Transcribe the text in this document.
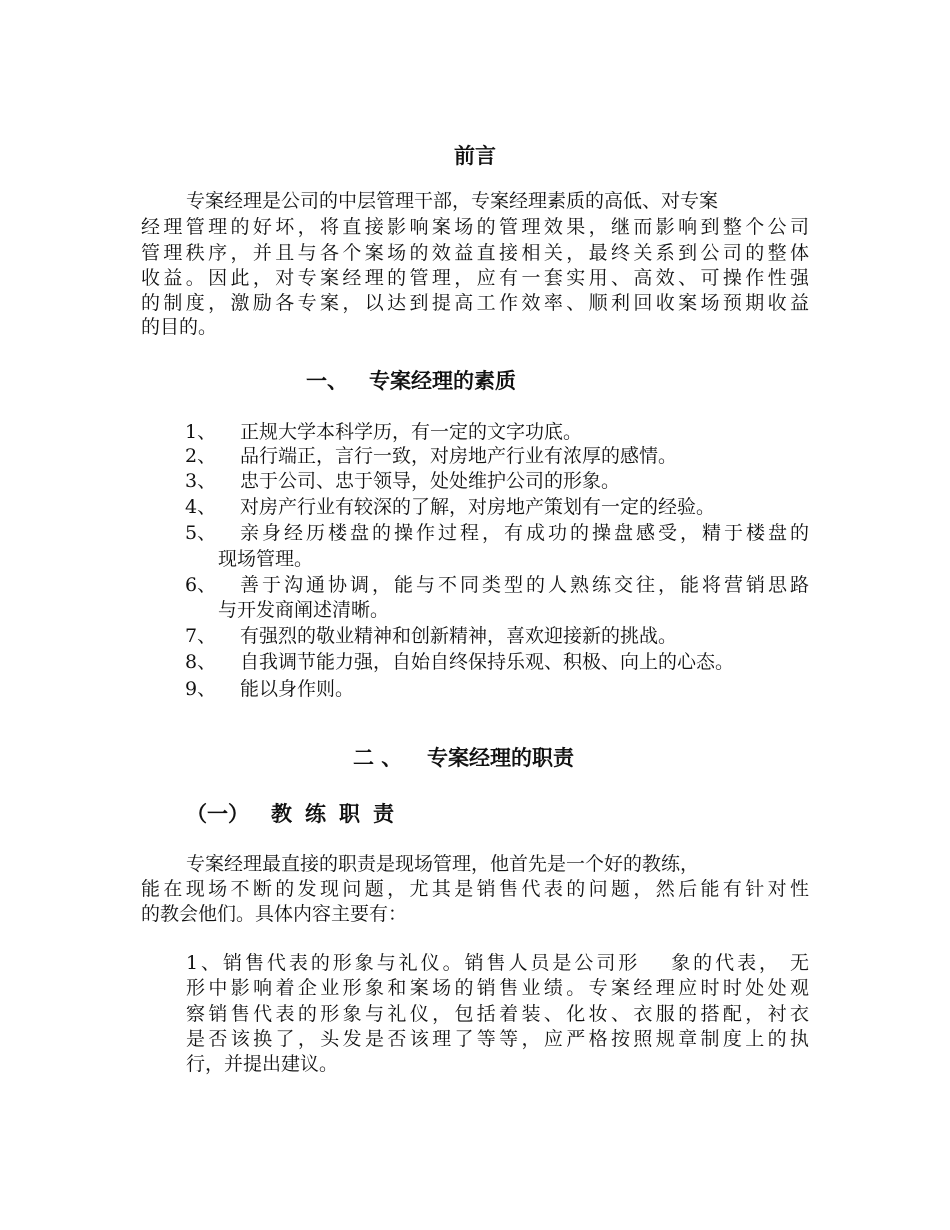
前言
专案经理是公司的中层管理干部，专案经理素质的高低、对专案
经理管理的好坏，将直接影响案场的管理效果，继而影响到整个公司
管理秩序，并且与各个案场的效益直接相关，最终关系到公司的整体
收益。因此，对专案经理的管理，应有一套实用、高效、可操作性强
的制度，激励各专案，以达到提高工作效率、顺利回收案场预期收益
的目的。
一、 专案经理的素质
1、 正规大学本科学历，有一定的文字功底。
2、 品行端正，言行一致，对房地产行业有浓厚的感情。
3、 忠于公司、忠于领导，处处维护公司的形象。
4、 对房产行业有较深的了解，对房地产策划有一定的经验。
5、 亲身经历楼盘的操作过程，有成功的操盘感受，精于楼盘的
现场管理。
6、 善于沟通协调，能与不同类型的人熟练交往，能将营销思路
与开发商阐述清晰。
7、 有强烈的敬业精神和创新精神，喜欢迎接新的挑战。
8、 自我调节能力强，自始自终保持乐观、积极、向上的心态。
9、 能以身作则。
二 、 专案经理的职责
（一） 教练职责
专案经理最直接的职责是现场管理，他首先是一个好的教练，
能在现场不断的发现问题，尤其是销售代表的问题，然后能有针对性
的教会他们。具体内容主要有：
1、销售代表的形象与礼仪。销售人员是公司形　 象的代表， 无
形中影响着企业形象和案场的销售业绩。专案经理应时时处处观
察销售代表的形象与礼仪，包括着装、化妆、衣服的搭配，衬衣
是否该换了，头发是否该理了等等，应严格按照规章制度上的执
行，并提出建议。
